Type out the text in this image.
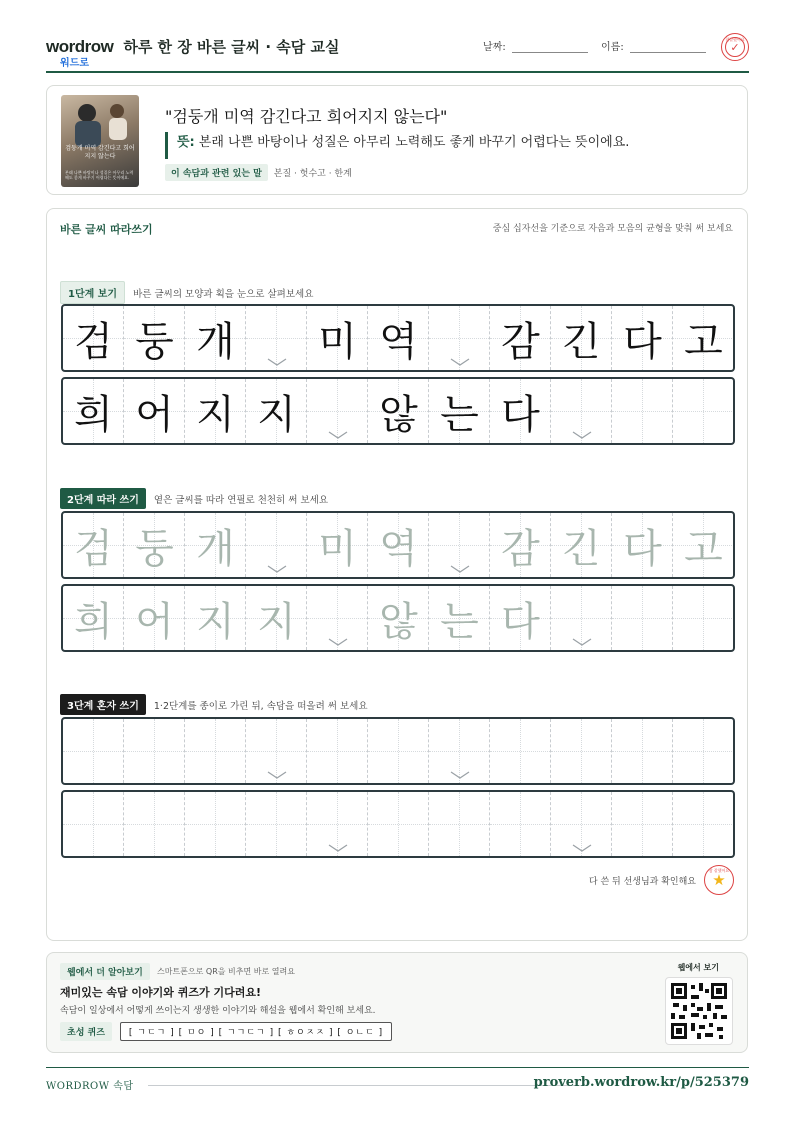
wordrow
워드로
하루 한 장 바른 글씨 · 속담 교실	날짜:	이름:
참잘했어요
✓
검둥개 미역 감긴다고 희어지지 않는다
본래 나쁜 바탕이나 성질은 아무리 노력해도 좋게 바꾸기 어렵다는 뜻이에요.
"검둥개 미역 감긴다고 희어지지 않는다"
뜻: 본래 나쁜 바탕이나 성질은 아무리 노력해도 좋게 바꾸기 어렵다는 뜻이에요.
이 속담과 관련 있는 말	본질 · 헛수고 · 한계
바른 글씨 따라쓰기	중심 십자선을 기준으로 자음과 모음의 균형을 맞춰 써 보세요
1단계 보기	바른 글씨의 모양과 획을 눈으로 살펴보세요
검 둥 개 미 역 감 긴 다 고
희 어 지 지 않 는 다
2단계 따라 쓰기	옅은 글씨를 따라 연필로 천천히 써 보세요
검 둥 개 미 역 감 긴 다 고
희 어 지 지 않 는 다
3단계 혼자 쓰기	1·2단계를 종이로 가린 뒤, 속담을 떠올려 써 보세요
다 쓴 뒤 선생님과 확인해요
참 잘했어요
★
웹에서 더 알아보기	스마트폰으로 QR을 비추면 바로 열려요
재미있는 속담 이야기와 퀴즈가 기다려요!
속담이 일상에서 어떻게 쓰이는지 생생한 이야기와 해설을 웹에서 확인해 보세요.
초성 퀴즈	[ ㄱㄷㄱ ] [ ㅁㅇ ] [ ㄱㄱㄷㄱ ] [ ㅎㅇㅈㅈ ] [ ㅇㄴㄷ ]
웹에서 보기
WORDROW 속담	proverb.wordrow.kr/p/525379
